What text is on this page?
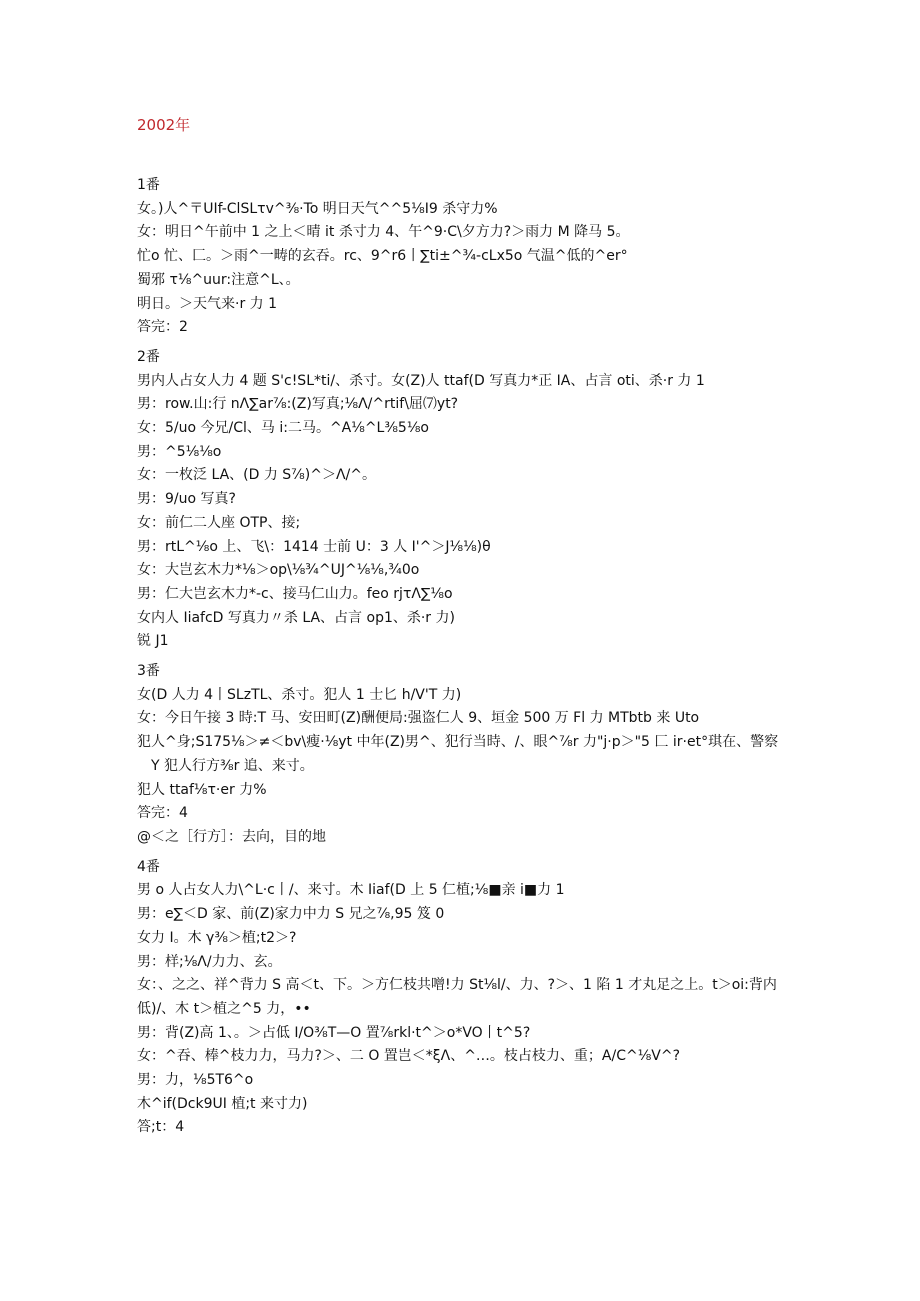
2002年
1番
女。)人^〒UIf-ClSLτv^⅜·To 明日天气^^5⅛I9 杀守力%
女：明日^午前中 1 之上＜晴 it 杀寸力 4、午^9·C\夕方力?＞雨力 M 降马 5。
忙o 忙、匚。＞雨^一畴的玄吞。rc、9^r6丨∑ti±^¾-cLx5o 气温^低的^er°
蜀邪 τ⅛^uur:注意^L、。
明日。＞天气来·r 力 1
答完：2
2番
男内人占女人力 4 题 S'c!SL*ti/、杀寸。女(Z)人 ttaf(D 写真力*正 IA、占言 oti、杀·r 力 1
男：row.山:行 nΛ∑ar⅞:(Z)写真;⅛Λ/^rtif\屈⑺yt?
女：5/uo 今兄/Cl、马 i:二马。^A⅛^L⅜5⅛o
男：^5⅛⅛o
女：一枚泛 LA、(D 力 S⅞)^＞Λ/^。
男：9/uo 写真?
女：前仁二人座 OTP、接;
男：rtL^⅛o 上、飞\：1414 士前 U：3 人 I'^＞J⅛⅛)θ
女：大岂玄木力*⅛＞op\⅛¾^UJ^⅛⅛,¾0o
男：仁大岂玄木力*-c、接马仁山力。feo rjτΛ∑⅛o
女内人 IiafcD 写真力〃杀 LA、占言 op1、杀·r 力)
锐 J1
3番
女(D 人力 4丨SLzTL、杀寸。犯人 1 士匕 h/V'T 力)
女：今日午接 3 時:T 马、安田町(Z)酬便局:强盗仁人 9、垣金 500 万 Fl 力 MTbtb 来 Uto
犯人^身;S175⅛＞≠＜bv\瘦·⅛yt 中年(Z)男^、犯行当時、/、眼^⅞r 力"j·p＞"5 匚 ir·et°琪在、警察
Y 犯人行方⅜r 追、来寸。
犯人 ttaf⅛τ·er 力%
答完：4
@＜之［行方］：去向，目的地
4番
男 o 人占女人力\^L·c丨/、来寸。木 Iiaf(D 上 5 仁植;⅛■亲 i■力 1
男：e∑＜D 家、前(Z)家力中力 S 兄之⅞,95 笈 0
女力 I。木 γ⅜＞植;t2＞?
男：样;⅛Λ/力力、玄。
女：、之之、祥^背力 S 高＜t、下。＞方仁枝共噌!力 St⅛l/、力、?＞、1 陷 1 才丸足之上。t＞oi:背内
低)/、木 t＞植之^5 力，••
男：背(Z)高 1、。＞占低 I/O⅜T—O 置⅞rkl·t^＞o*VO丨t^5?
女：^吞、棒^枝力力，马力?＞、二 O 置岂＜*ξΛ、^…。枝占枝力、重；A/C^⅛V^?
男：力，⅛5T6^o
木^if(Dck9UI 植;t 来寸力)
答;t：4
